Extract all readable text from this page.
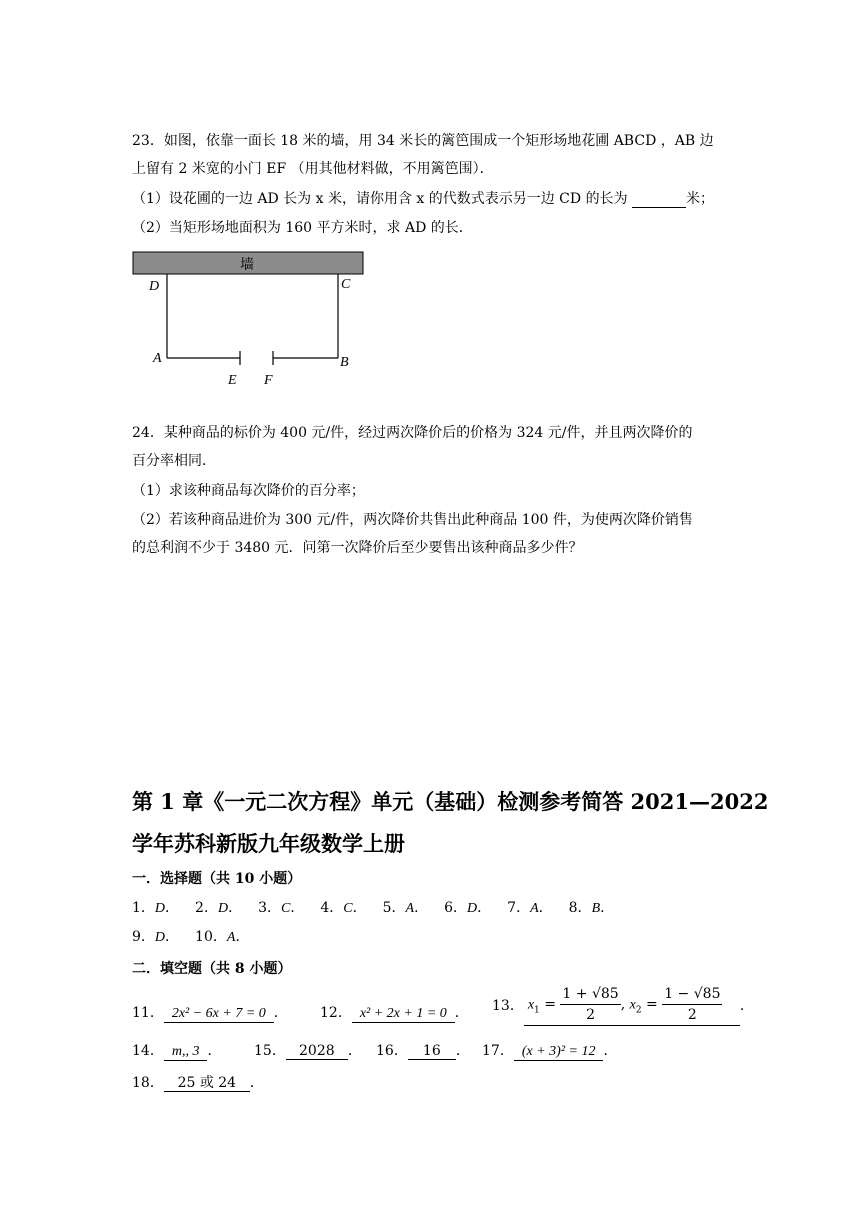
23．如图，依靠一面长 18 米的墙，用 34 米长的篱笆围成一个矩形场地花圃 ABCD ，AB 边
上留有 2 米宽的小门 EF （用其他材料做，不用篱笆围）．
（1）设花圃的一边 AD 长为 x 米，请你用含 x 的代数式表示另一边 CD 的长为	米；
（2）当矩形场地面积为 160 平方米时，求 AD 的长．
墙
D	C
A	B
E F
24．某种商品的标价为 400 元/件，经过两次降价后的价格为 324 元/件，并且两次降价的
百分率相同．
（1）求该种商品每次降价的百分率；
（2）若该种商品进价为 300 元/件，两次降价共售出此种商品 100 件，为使两次降价销售
的总利润不少于 3480 元．问第一次降价后至少要售出该种商品多少件？
第 1 章《一元二次方程》单元（基础）检测参考简答 2021—2022
学年苏科新版九年级数学上册
一．选择题（共 10 小题）
1．D． 2．D． 3．C． 4．C． 5．A． 6．D． 7．A． 8．B．
9．D． 10．A．
二．填空题（共 8 小题）
11． 2x² − 6x + 7 = 0 ． 12． x² + 2x + 1 = 0 ． 13． $x_1 = \frac{1 + √85}{2}$ , $x_2 = \frac{1 - √85}{2}$ ．
14． m,, 3 ． 15． 2028 ． 16． 16 ． 17． (x + 3)² = 12 ．
18． 25 或 24 ．
